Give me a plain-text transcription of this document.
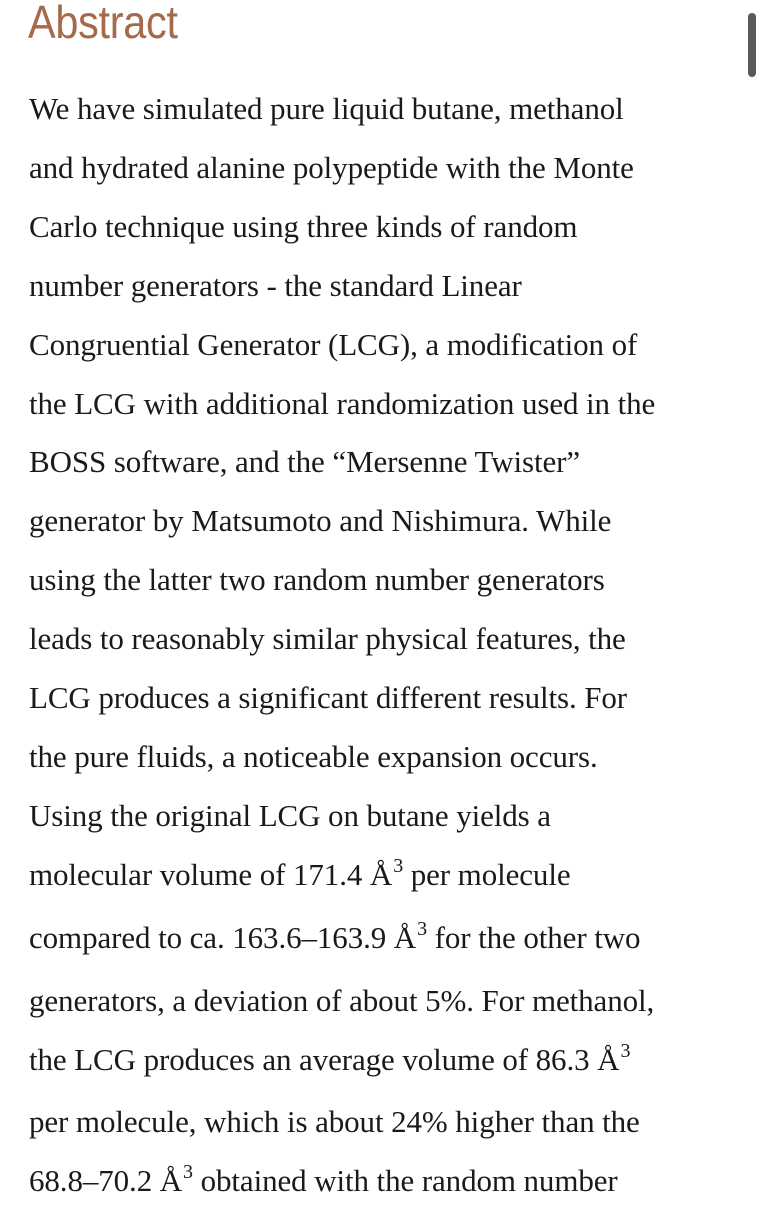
Abstract
We have simulated pure liquid butane, methanol
and hydrated alanine polypeptide with the Monte
Carlo technique using three kinds of random
number generators - the standard Linear
Congruential Generator (LCG), a modification of
the LCG with additional randomization used in the
BOSS software, and the “Mersenne Twister”
generator by Matsumoto and Nishimura. While
using the latter two random number generators
leads to reasonably similar physical features, the
LCG produces a significant different results. For
the pure fluids, a noticeable expansion occurs.
Using the original LCG on butane yields a
molecular volume of 171.4 $Å^3$ per molecule
compared to ca. 163.6–163.9 $Å^3$ for the other two
generators, a deviation of about 5%. For methanol,
the LCG produces an average volume of 86.3 $Å^3$
per molecule, which is about 24% higher than the
68.8–70.2 $Å^3$ obtained with the random number
